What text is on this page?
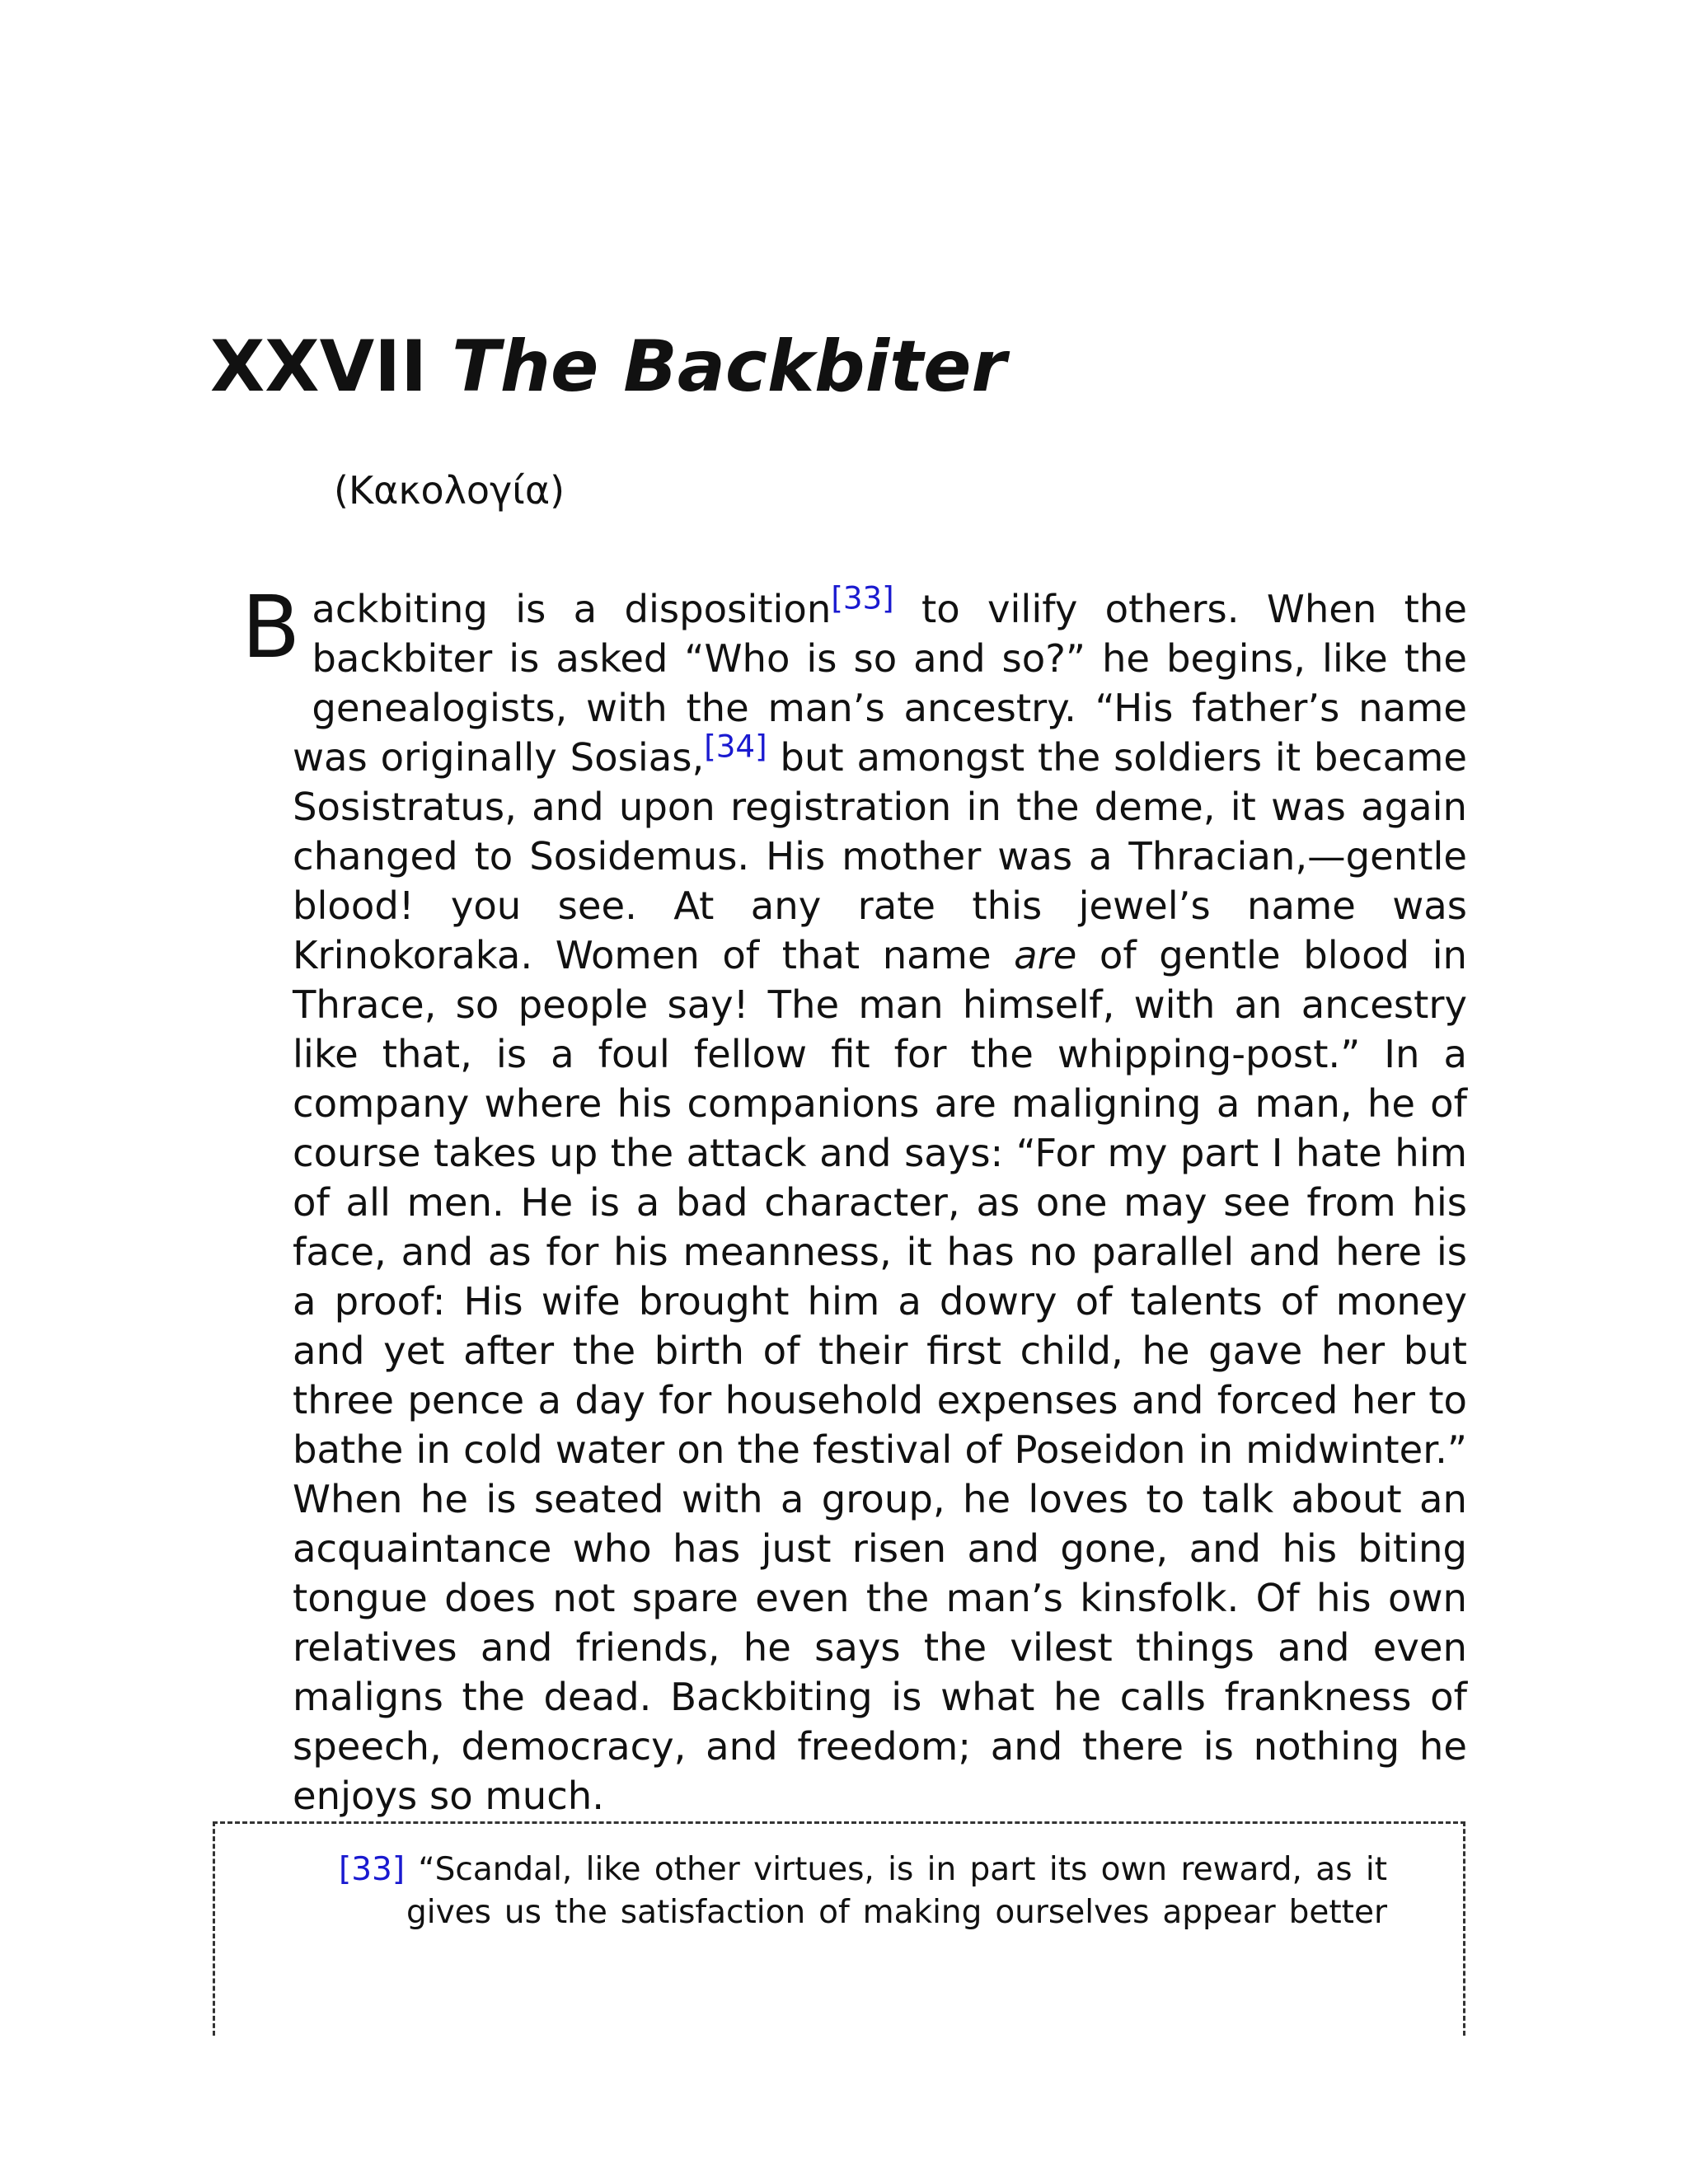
XXVII The Backbiter
(Κακολογία)

Backbiting is a disposition[33] to vilify others. When the backbiter is asked “Who is so and so?” he begins, like the genealogists, with the man’s ancestry. “His father’s name was originally Sosias,[34] but amongst the soldiers it became Sosistratus, and upon registration in the deme, it was again changed to Sosidemus. His mother was a Thracian,—gentle blood! you see. At any rate this jewel’s name was Krinokoraka. Women of that name are of gentle blood in Thrace, so people say! The man himself, with an ancestry like that, is a foul fellow fit for the whipping-post.” In a company where his companions are maligning a man, he of course takes up the attack and says: “For my part I hate him of all men. He is a bad character, as one may see from his face, and as for his meanness, it has no parallel and here is a proof: His wife brought him a dowry of talents of money and yet after the birth of their first child, he gave her but three pence a day for household expenses and forced her to bathe in cold water on the festival of Poseidon in midwinter.” When he is seated with a group, he loves to talk about an acquaintance who has just risen and gone, and his biting tongue does not spare even the man’s kinsfolk. Of his own relatives and friends, he says the vilest things and even maligns the dead. Backbiting is what he calls frankness of speech, democracy, and freedom; and there is nothing he enjoys so much.

[33] “Scandal, like other virtues, is in part its own reward, as it gives us the satisfaction of making ourselves appear better
